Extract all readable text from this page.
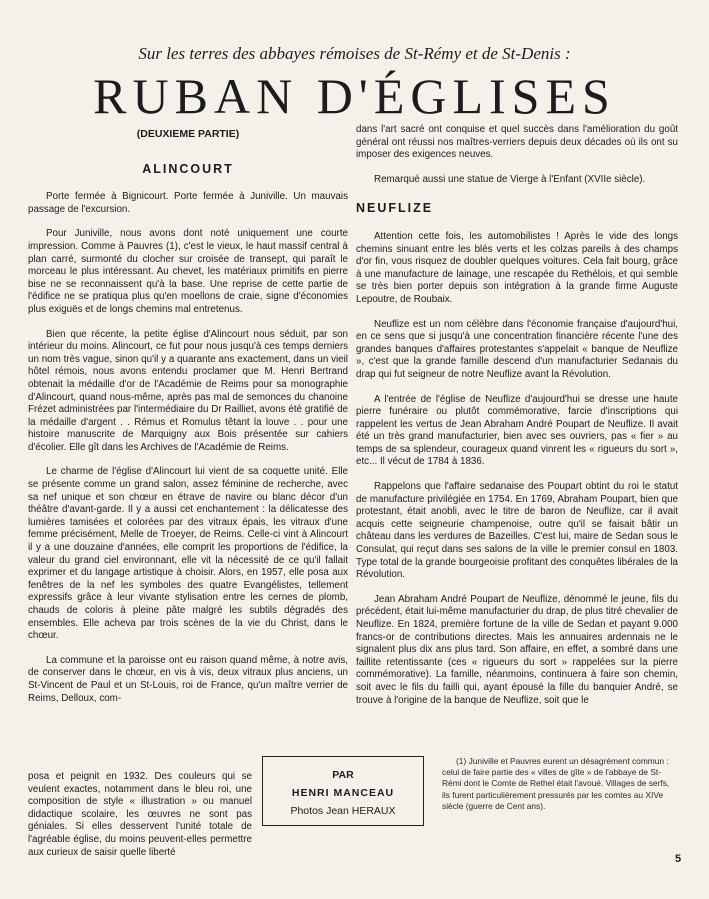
Sur les terres des abbayes rémoises de St-Rémy et de St-Denis :
RUBAN D'ÉGLISES
(DEUXIEME PARTIE)
ALINCOURT

Porte fermée à Bignicourt. Porte fermée à Juniville. Un mauvais passage de l'excursion.

Pour Juniville, nous avons dont noté uniquement une courte impression. Comme à Pauvres (1), c'est le vieux, le haut massif central à plan carré, surmonté du clocher sur croisée de transept, qui paraît le morceau le plus intéressant. Au chevet, les matériaux primitifs en pierre bise ne se reconnaissent qu'à la base. Une reprise de cette partie de l'édifice ne se pratiqua plus qu'en moellons de craie, signe d'économies plus exiguës et de longs chemins mal entretenus.

Bien que récente, la petite église d'Alincourt nous séduit, par son intérieur du moins. Alincourt, ce fut pour nous jusqu'à ces temps derniers un nom très vague, sinon qu'il y a quarante ans exactement, dans un vieil hôtel rémois, nous avons entendu proclamer que M. Henri Bertrand obtenait la médaille d'or de l'Académie de Reims pour sa monographie d'Alincourt, quand nous-même, après pas mal de semonces du chanoine Frézet administrées par l'intermédiaire du Dr Railliet, avons été gratifié de la médaille d'argent . . Rémus et Romulus têtant la louve . . pour une histoire manuscrite de Marquigny aux Bois présentée sur cahiers d'écolier. Elle gît dans les Archives de l'Académie de Reims.

Le charme de l'église d'Alincourt lui vient de sa coquette unité. Elle se présente comme un grand salon, assez féminine de recherche, avec sa nef unique et son chœur en étrave de navire ou blanc décor d'un théâtre d'avant-garde. Il y a aussi cet enchantement : la délicatesse des lumières tamisées et colorées par des vitraux épais, les vitraux d'une femme précisément, Melle de Troeyer, de Reims. Celle-ci vint à Alincourt il y a une douzaine d'années, elle comprit les proportions de l'édifice, la valeur du grand ciel environnant, elle vit la nécessité de ce qu'il fallait exprimer et du langage artistique à choisir. Alors, en 1957, elle posa aux fenêtres de la nef les symboles des quatre Evangélistes, tellement expressifs grâce à leur vivante stylisation entre les cernes de plomb, chauds de coloris à pleine pâte malgré les subtils dégradés des ensembles. Elle acheva par trois scènes de la vie du Christ, dans le chœur.

La commune et la paroisse ont eu raison quand même, à notre avis, de conserver dans le chœur, en vis à vis, deux vitraux plus anciens, un St-Vincent de Paul et un St-Louis, roi de France, qu'un maître verrier de Reims, Delloux, com-

posa et peignit en 1932. Des couleurs qui se veulent exactes, notamment dans le bleu roi, une composition de style « illustration » ou manuel didactique scolaire, les œuvres ne sont pas géniales. Si elles desservent l'unité totale de l'agréable église, du moins peuvent-elles permettre aux curieux de saisir quelle liberté

dans l'art sacré ont conquise et quel succès dans l'amélioration du goût général ont réussi nos maîtres-verriers depuis deux décades où ils ont su imposer des exigences neuves.

Remarqué aussi une statue de Vierge à l'Enfant (XVIIe siècle).

NEUFLIZE

Attention cette fois, les automobilistes ! Après le vide des longs chemins sinuant entre les blés verts et les colzas pareils à des champs d'or fin, vous risquez de doubler quelques voitures. Cela fait bourg, grâce à une manufacture de lainage, une rescapée du Rethélois, et qui semble se très bien porter depuis son intégration à la grande firme Auguste Lepoutre, de Roubaix.

Neuflize est un nom célèbre dans l'économie française d'aujourd'hui, en ce sens que si jusqu'à une concentration financière récente l'une des grandes banques d'affaires protestantes s'appelait « banque de Neuflize », c'est que la grande famille descend d'un manufacturier Sedanais du drap qui fut seigneur de notre Neuflize avant la Révolution.

A l'entrée de l'église de Neuflize d'aujourd'hui se dresse une haute pierre funéraire ou plutôt commémorative, farcie d'inscriptions qui rappelent les vertus de Jean Abraham André Poupart de Neuflize. Il avait été un très grand manufacturier, bien avec ses ouvriers, pas « fier » au temps de sa splendeur, courageux quand vinrent les « rigueurs du sort », etc... Il vécut de 1784 à 1836.

Rappelons que l'affaire sedanaise des Poupart obtint du roi le statut de manufacture privilégiée en 1754. En 1769, Abraham Poupart, bien que protestant, était anobli, avec le titre de baron de Neuflize, car il avait acquis cette seigneurie champenoise, outre qu'il se faisait bâtir un château dans les verdures de Bazeilles. C'est lui, maire de Sedan sous le Consulat, qui reçut dans ses salons de la ville le premier consul en 1803. Type total de la grande bourgeoisie profitant des conquêtes libérales de la Révolution.

Jean Abraham André Poupart de Neuflize, dénommé le jeune, fils du précédent, était lui-même manufacturier du drap, de plus titré chevalier de Neuflize. En 1824, première fortune de la ville de Sedan et payant 9.000 francs-or de contributions directes. Mais les annuaires ardennais ne le signalent plus dix ans plus tard. Son affaire, en effet, a sombré dans une faillite retentissante (ces « rigueurs du sort » rappelées sur la pierre commémorative). La famille, néanmoins, continuera à faire son chemin, soit avec le fils du failli qui, ayant épousé la fille du banquier André, se trouve à l'origine de la banque de Neuflize, soit que le

PAR
HENRI MANCEAU
Photos Jean HERAUX
(1) Juniville et Pauvres eurent un désagrément commun : celui de faire partie des « villes de gîte » de l'abbaye de St-Rémi dont le Comte de Rethel était l'avoué. Villages de serfs, ils furent particulièrement pressurés par les comtes au XIVe siècle (guerre de Cent ans).
5
